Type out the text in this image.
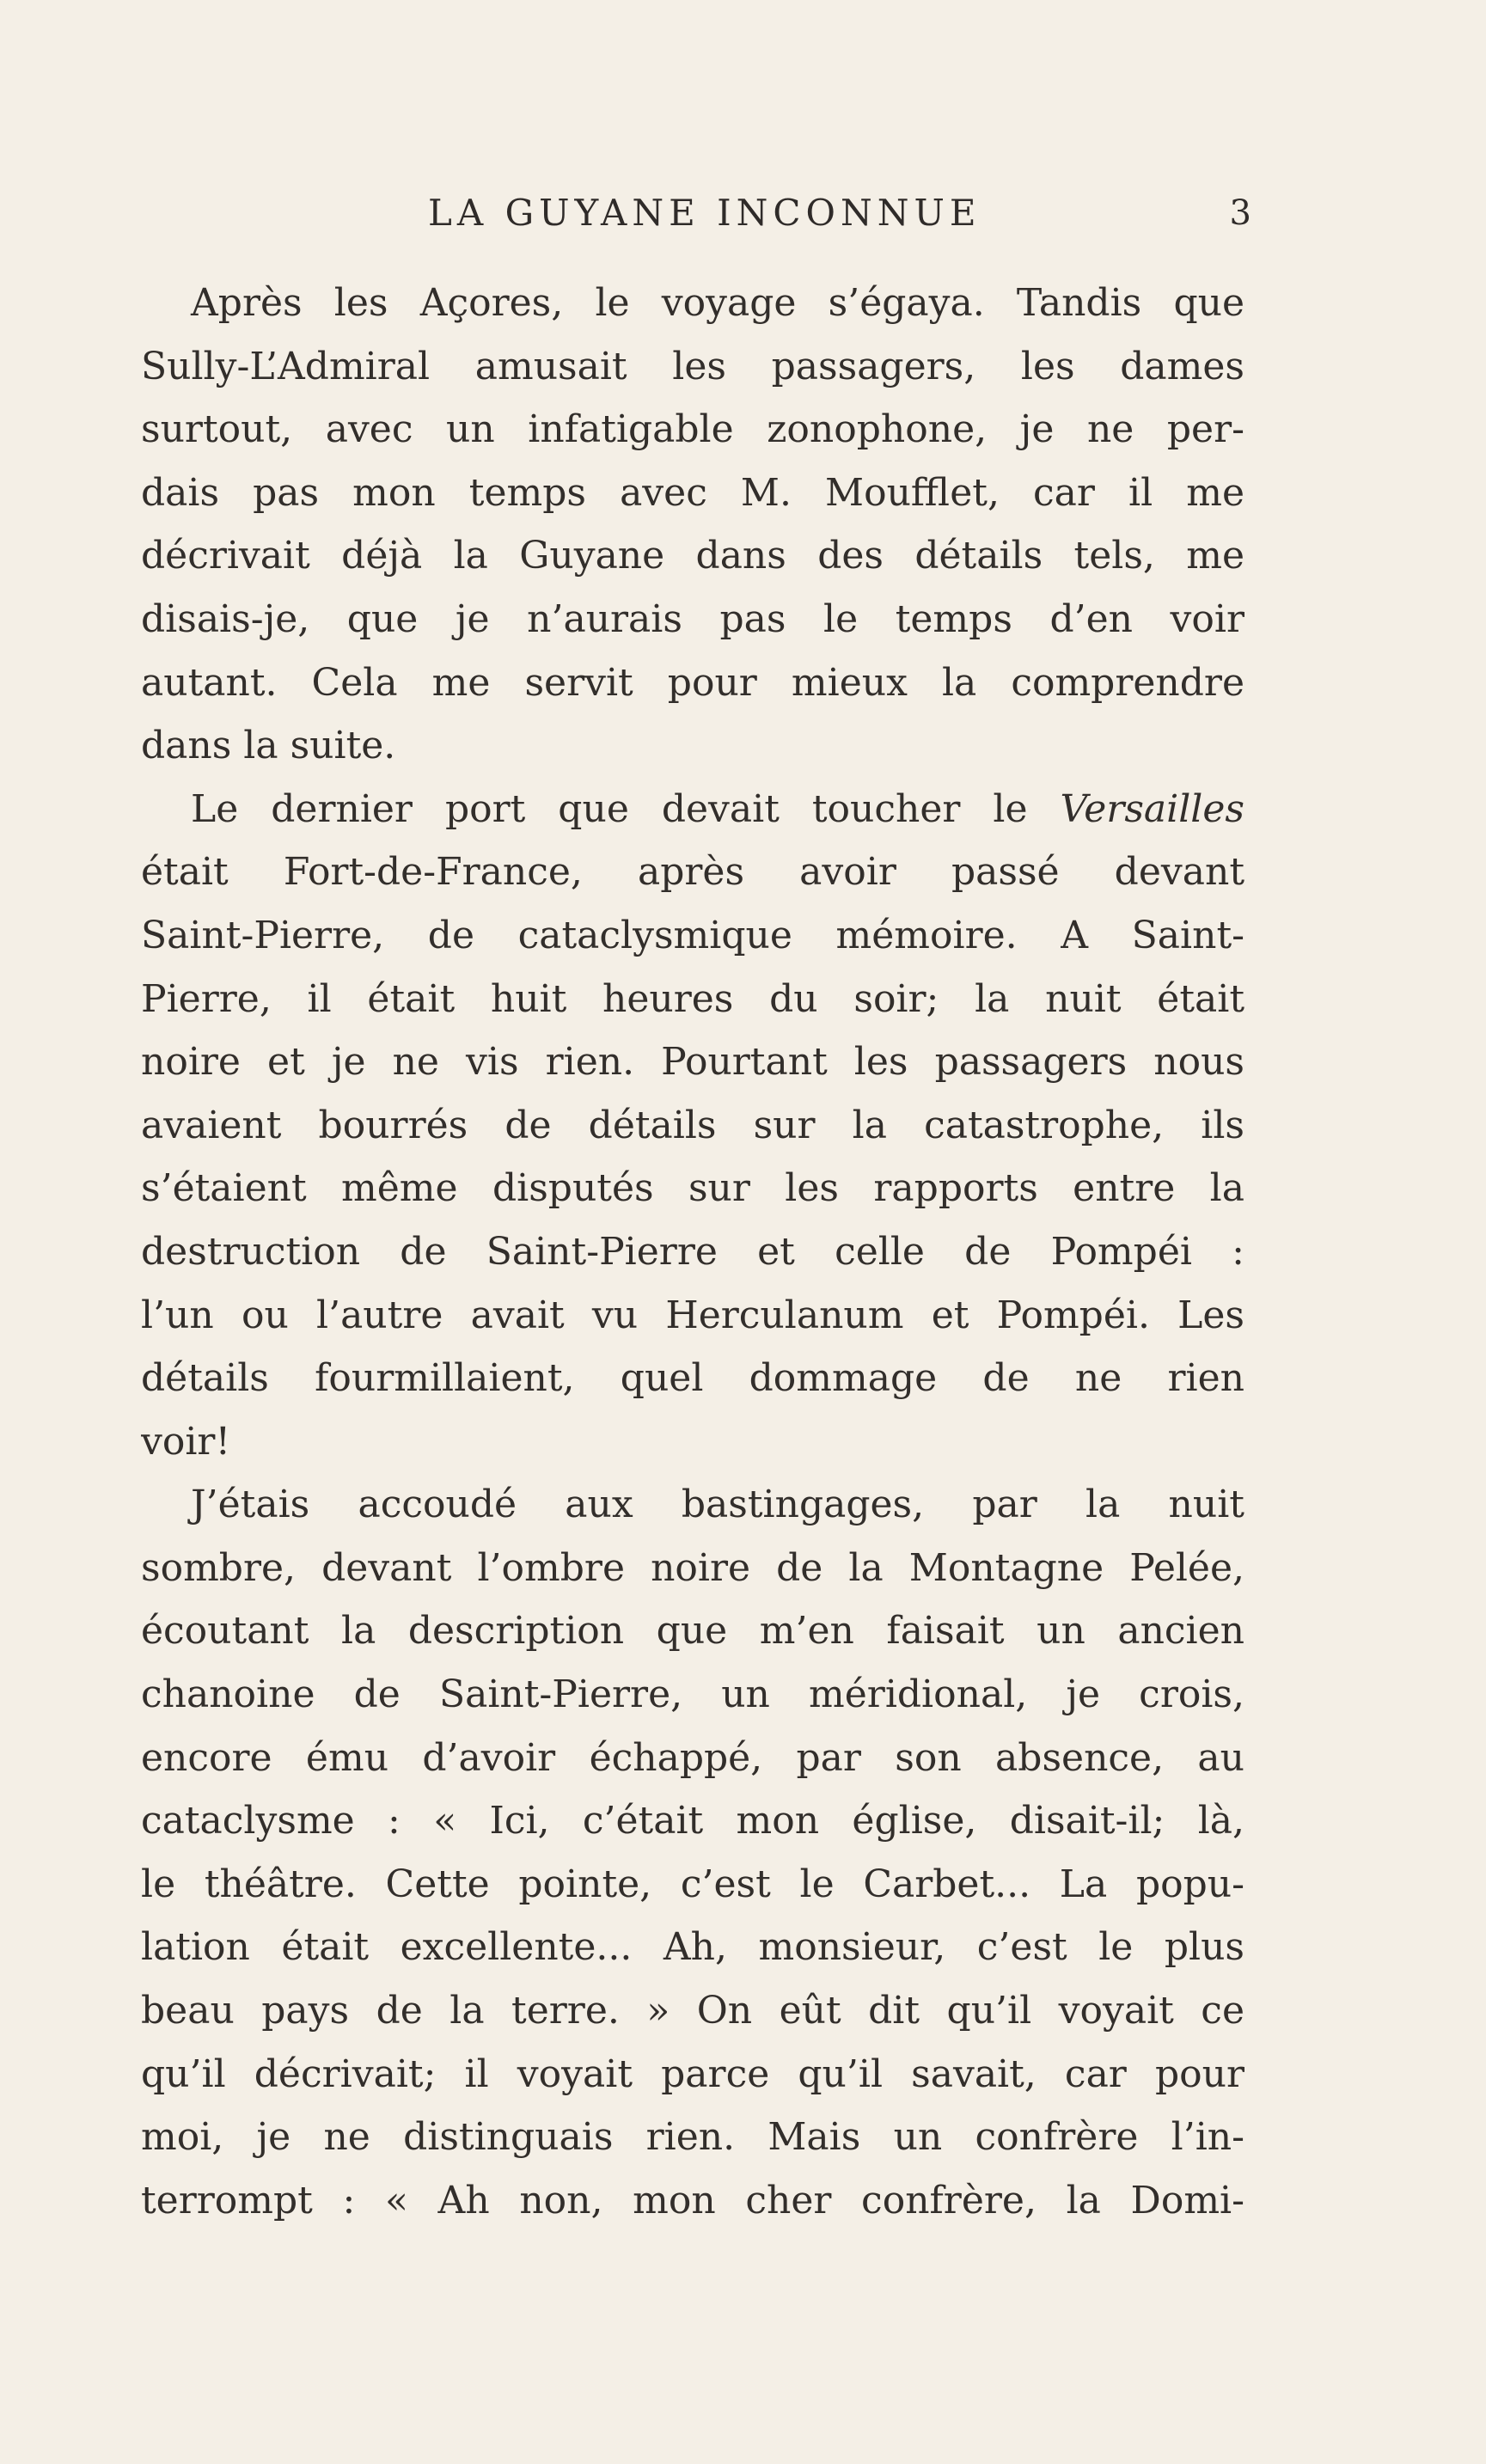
LA GUYANE INCONNUE	3
Après les Açores, le voyage s’égaya. Tandis que
Sully-L’Admiral amusait les passagers, les dames
surtout, avec un infatigable zonophone, je ne per-
dais pas mon temps avec M. Moufflet, car il me
décrivait déjà la Guyane dans des détails tels, me
disais-je, que je n’aurais pas le temps d’en voir
autant. Cela me servit pour mieux la comprendre
dans la suite.
Le dernier port que devait toucher le Versailles
était Fort-de-France, après avoir passé devant
Saint-Pierre, de cataclysmique mémoire. A Saint-
Pierre, il était huit heures du soir; la nuit était
noire et je ne vis rien. Pourtant les passagers nous
avaient bourrés de détails sur la catastrophe, ils
s’étaient même disputés sur les rapports entre la
destruction de Saint-Pierre et celle de Pompéi :
l’un ou l’autre avait vu Herculanum et Pompéi. Les
détails fourmillaient, quel dommage de ne rien
voir!
J’étais accoudé aux bastingages, par la nuit
sombre, devant l’ombre noire de la Montagne Pelée,
écoutant la description que m’en faisait un ancien
chanoine de Saint-Pierre, un méridional, je crois,
encore ému d’avoir échappé, par son absence, au
cataclysme : « Ici, c’était mon église, disait-il; là,
le théâtre. Cette pointe, c’est le Carbet... La popu-
lation était excellente... Ah, monsieur, c’est le plus
beau pays de la terre. » On eût dit qu’il voyait ce
qu’il décrivait; il voyait parce qu’il savait, car pour
moi, je ne distinguais rien. Mais un confrère l’in-
terrompt : « Ah non, mon cher confrère, la Domi-
